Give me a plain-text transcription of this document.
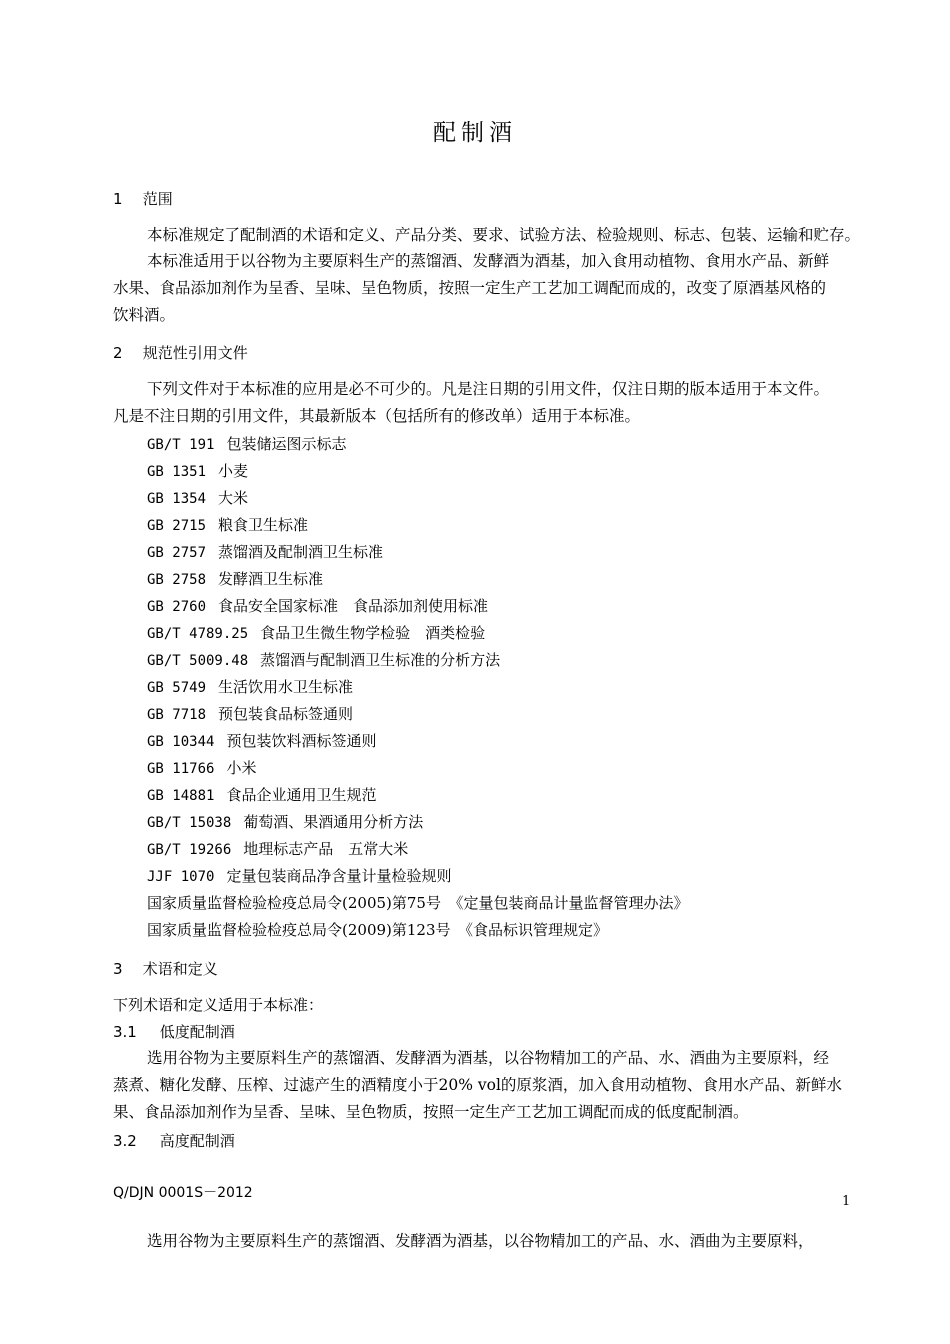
配制酒
1 范围
本标准规定了配制酒的术语和定义、产品分类、要求、试验方法、检验规则、标志、包装、运输和贮存。
本标准适用于以谷物为主要原料生产的蒸馏酒、发酵酒为酒基，加入食用动植物、食用水产品、新鲜
水果、食品添加剂作为呈香、呈味、呈色物质，按照一定生产工艺加工调配而成的，改变了原酒基风格的
饮料酒。
2 规范性引用文件
下列文件对于本标准的应用是必不可少的。凡是注日期的引用文件，仅注日期的版本适用于本文件。
凡是不注日期的引用文件，其最新版本（包括所有的修改单）适用于本标准。
GB/T 191 包装储运图示标志
GB 1351 小麦
GB 1354 大米
GB 2715 粮食卫生标准
GB 2757 蒸馏酒及配制酒卫生标准
GB 2758 发酵酒卫生标准
GB 2760 食品安全国家标准　食品添加剂使用标准
GB/T 4789.25 食品卫生微生物学检验　酒类检验
GB/T 5009.48 蒸馏酒与配制酒卫生标准的分析方法
GB 5749 生活饮用水卫生标准
GB 7718 预包装食品标签通则
GB 10344 预包装饮料酒标签通则
GB 11766 小米
GB 14881 食品企业通用卫生规范
GB/T 15038 葡萄酒、果酒通用分析方法
GB/T 19266 地理标志产品　五常大米
JJF 1070 定量包装商品净含量计量检验规则
国家质量监督检验检疫总局令(2005)第75号　《定量包装商品计量监督管理办法》
国家质量监督检验检疫总局令(2009)第123号　《食品标识管理规定》
3 术语和定义
下列术语和定义适用于本标准：
3.1 低度配制酒
选用谷物为主要原料生产的蒸馏酒、发酵酒为酒基，以谷物精加工的产品、水、酒曲为主要原料，经
蒸煮、糖化发酵、压榨、过滤产生的酒精度小于20% vol的原浆酒，加入食用动植物、食用水产品、新鲜水
果、食品添加剂作为呈香、呈味、呈色物质，按照一定生产工艺加工调配而成的低度配制酒。
3.2 高度配制酒
Q/DJN 0001S－2012
1
选用谷物为主要原料生产的蒸馏酒、发酵酒为酒基，以谷物精加工的产品、水、酒曲为主要原料，
